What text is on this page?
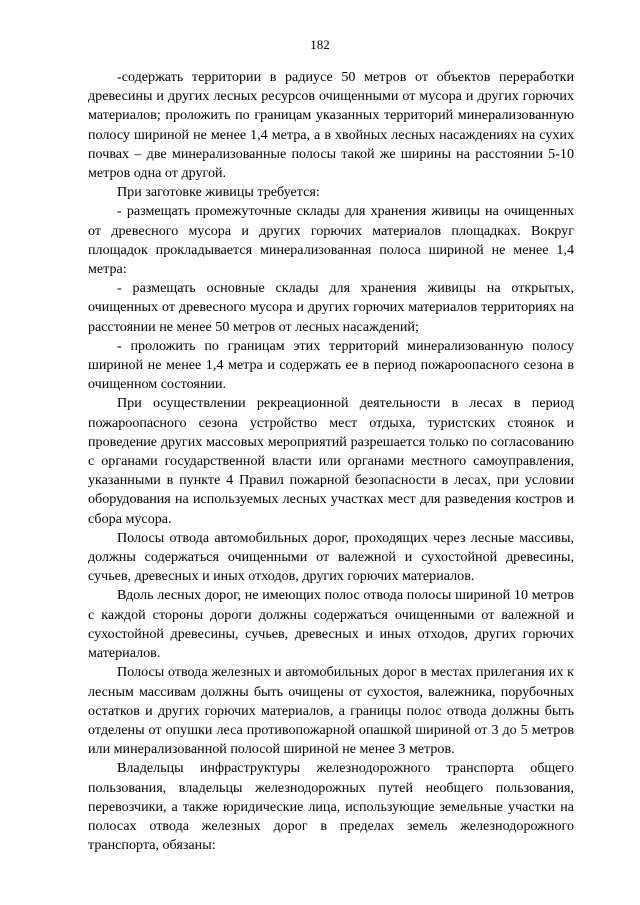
182

-содержать территории в радиусе 50 метров от объектов переработки древесины и других лесных ресурсов очищенными от мусора и других горючих материалов; проложить по границам указанных территорий минерализованную полосу шириной не менее 1,4 метра, а в хвойных лесных насаждениях на сухих почвах – две минерализованные полосы такой же ширины на расстоянии 5-10 метров одна от другой.

При заготовке живицы требуется:

- размещать промежуточные склады для хранения живицы на очищенных от древесного мусора и других горючих материалов площадках. Вокруг площадок прокладывается минерализованная полоса шириной не менее 1,4 метра:

- размещать основные склады для хранения живицы на открытых, очищенных от древесного мусора и других горючих материалов территориях на расстоянии не менее 50 метров от лесных насаждений;

- проложить по границам этих территорий минерализованную полосу шириной не менее 1,4 метра и содержать ее в период пожароопасного сезона в очищенном состоянии.

При осуществлении рекреационной деятельности в лесах в период пожароопасного сезона устройство мест отдыха, туристских стоянок и проведение других массовых мероприятий разрешается только по согласованию с органами государственной власти или органами местного самоуправления, указанными в пункте 4 Правил пожарной безопасности в лесах, при условии оборудования на используемых лесных участках мест для разведения костров и сбора мусора.

Полосы отвода автомобильных дорог, проходящих через лесные массивы, должны содержаться очищенными от валежной и сухостойной древесины, сучьев, древесных и иных отходов, других горючих материалов.

Вдоль лесных дорог, не имеющих полос отвода полосы шириной 10 метров с каждой стороны дороги должны содержаться очищенными от валежной и сухостойной древесины, сучьев, древесных и иных отходов, других горючих материалов.

Полосы отвода железных и автомобильных дорог в местах прилегания их к лесным массивам должны быть очищены от сухостоя, валежника, порубочных остатков и других горючих материалов, а границы полос отвода должны быть отделены от опушки леса противопожарной опашкой шириной от 3 до 5 метров или минерализованной полосой шириной не менее 3 метров.

Владельцы инфраструктуры железнодорожного транспорта общего пользования, владельцы железнодорожных путей необщего пользования, перевозчики, а также юридические лица, использующие земельные участки на полосах отвода железных дорог в пределах земель железнодорожного транспорта, обязаны:
